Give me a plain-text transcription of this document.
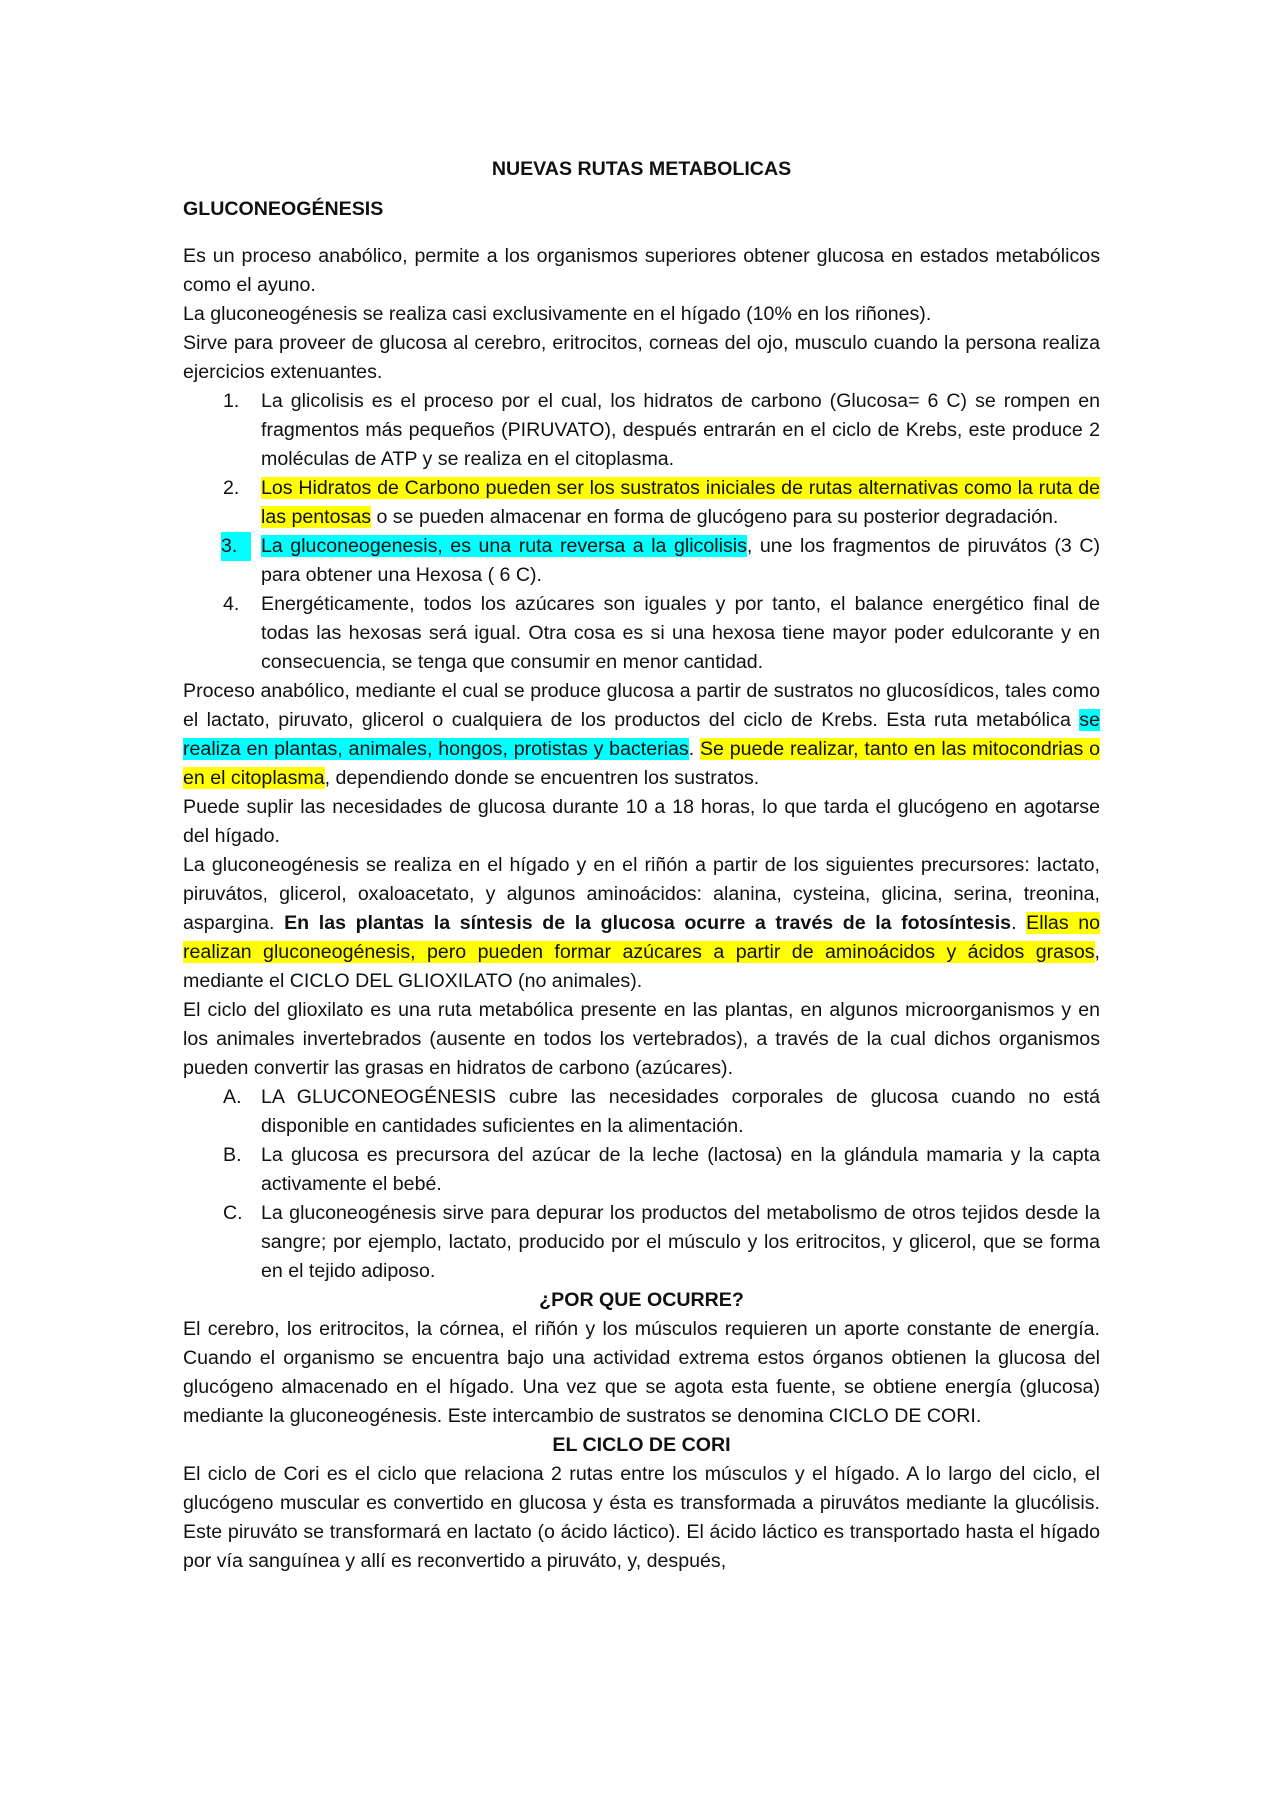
NUEVAS RUTAS METABOLICAS

GLUCONEOGÉNESIS

Es un proceso anabólico, permite a los organismos superiores obtener glucosa en estados metabólicos como el ayuno.

La gluconeogénesis se realiza casi exclusivamente en el hígado (10% en los riñones).

Sirve para proveer de glucosa al cerebro, eritrocitos, corneas del ojo, musculo cuando la persona realiza ejercicios extenuantes.

1. La glicolisis es el proceso por el cual, los hidratos de carbono (Glucosa= 6 C) se rompen en fragmentos más pequeños (PIRUVATO), después entrarán en el ciclo de Krebs, este produce 2 moléculas de ATP y se realiza en el citoplasma.
2. Los Hidratos de Carbono pueden ser los sustratos iniciales de rutas alternativas como la ruta de las pentosas o se pueden almacenar en forma de glucógeno para su posterior degradación.
3.	La gluconeogenesis, es una ruta reversa a la glicolisis, une los fragmentos de piruvátos (3 C) para obtener una Hexosa ( 6 C).
4. Energéticamente, todos los azúcares son iguales y por tanto, el balance energético final de todas las hexosas será igual. Otra cosa es si una hexosa tiene mayor poder edulcorante y en consecuencia, se tenga que consumir en menor cantidad.

Proceso anabólico, mediante el cual se produce glucosa a partir de sustratos no glucosídicos, tales como el lactato, piruvato, glicerol o cualquiera de los productos del ciclo de Krebs. Esta ruta metabólica se realiza en plantas, animales, hongos, protistas y bacterias. Se puede realizar, tanto en las mitocondrias o en el citoplasma, dependiendo donde se encuentren los sustratos.

Puede suplir las necesidades de glucosa durante 10 a 18 horas, lo que tarda el glucógeno en agotarse del hígado.

La gluconeogénesis se realiza en el hígado y en el riñón a partir de los siguientes precursores: lactato, piruvátos, glicerol, oxaloacetato, y algunos aminoácidos: alanina, cysteina, glicina, serina, treonina, aspargina. En las plantas la síntesis de la glucosa ocurre a través de la fotosíntesis. Ellas no realizan gluconeogénesis, pero pueden formar azúcares a partir de aminoácidos y ácidos grasos, mediante el CICLO DEL GLIOXILATO (no animales).

El ciclo del glioxilato es una ruta metabólica presente en las plantas, en algunos microorganismos y en los animales invertebrados (ausente en todos los vertebrados), a través de la cual dichos organismos pueden convertir las grasas en hidratos de carbono (azúcares).

A. LA GLUCONEOGÉNESIS cubre las necesidades corporales de glucosa cuando no está disponible en cantidades suficientes en la alimentación.
B. La glucosa es precursora del azúcar de la leche (lactosa) en la glándula mamaria y la capta activamente el bebé.
C. La gluconeogénesis sirve para depurar los productos del metabolismo de otros tejidos desde la sangre; por ejemplo, lactato, producido por el músculo y los eritrocitos, y glicerol, que se forma en el tejido adiposo.

¿POR QUE OCURRE?

El cerebro, los eritrocitos, la córnea, el riñón y los músculos requieren un aporte constante de energía. Cuando el organismo se encuentra bajo una actividad extrema estos órganos obtienen la glucosa del glucógeno almacenado en el hígado. Una vez que se agota esta fuente, se obtiene energía (glucosa) mediante la gluconeogénesis. Este intercambio de sustratos se denomina CICLO DE CORI.

EL CICLO DE CORI

El ciclo de Cori es el ciclo que relaciona 2 rutas entre los músculos y el hígado. A lo largo del ciclo, el glucógeno muscular es convertido en glucosa y ésta es transformada a piruvátos mediante la glucólisis. Este piruváto se transformará en lactato (o ácido láctico). El ácido láctico es transportado hasta el hígado por vía sanguínea y allí es reconvertido a piruváto, y, después,
